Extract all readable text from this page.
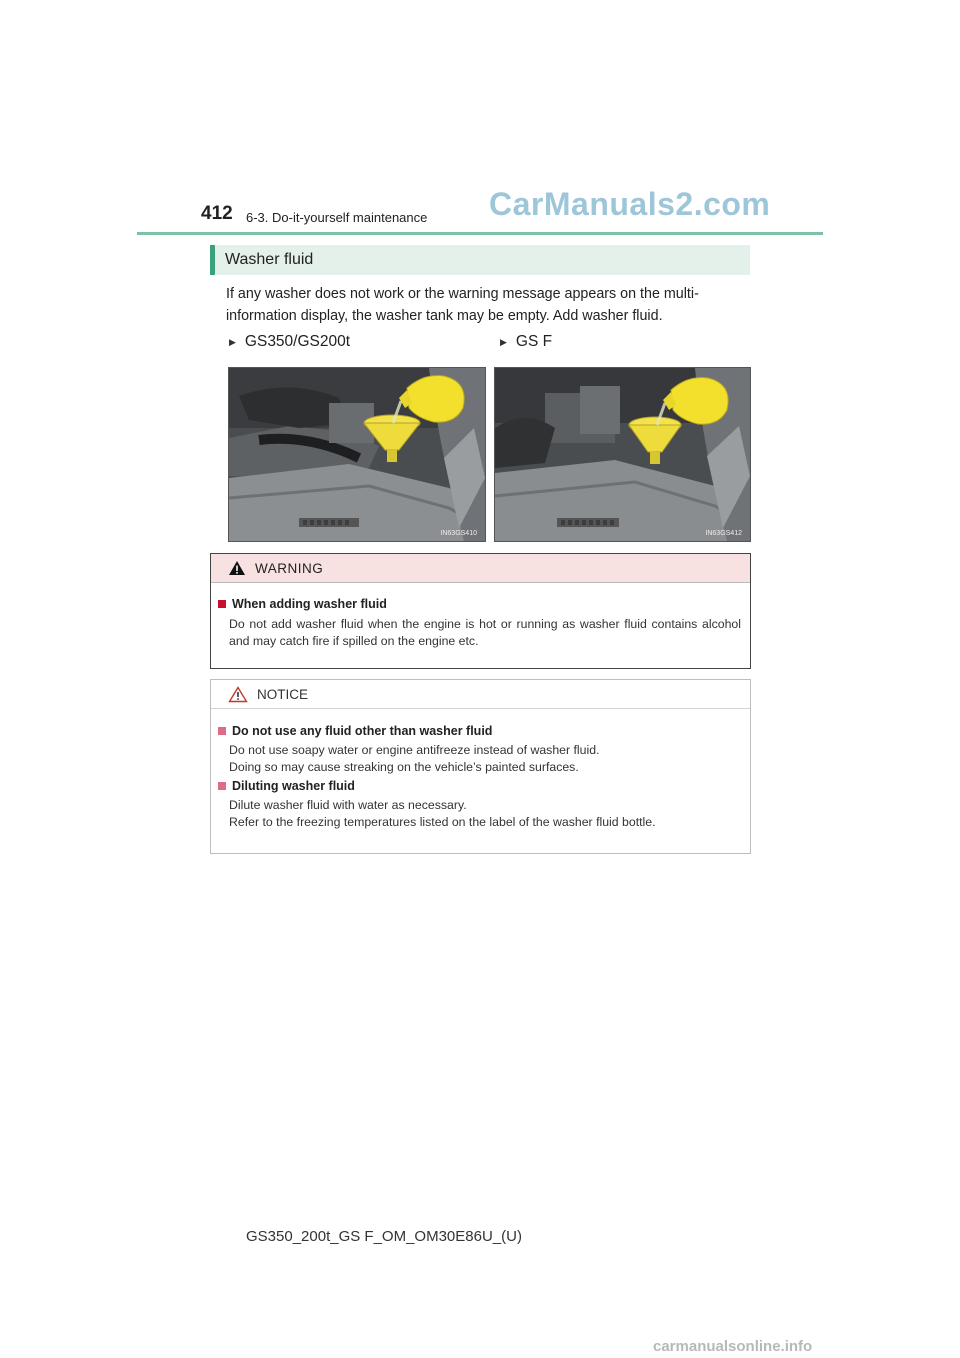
412 6-3. Do-it-yourself maintenance CarManuals2.com
Washer fluid
If any washer does not work or the warning message appears on the multi-information display, the washer tank may be empty. Add washer fluid.
▶ GS350/GS200t	▶ GS F
IN63GS410	IN63GS412
WARNING
When adding washer fluid
Do not add washer fluid when the engine is hot or running as washer fluid contains alcohol and may catch fire if spilled on the engine etc.
NOTICE
Do not use any fluid other than washer fluid
Do not use soapy water or engine antifreeze instead of washer fluid.
Doing so may cause streaking on the vehicle’s painted surfaces.
Diluting washer fluid
Dilute washer fluid with water as necessary.
Refer to the freezing temperatures listed on the label of the washer fluid bottle.
GS350_200t_GS F_OM_OM30E86U_(U)
carmanualsonline.info
